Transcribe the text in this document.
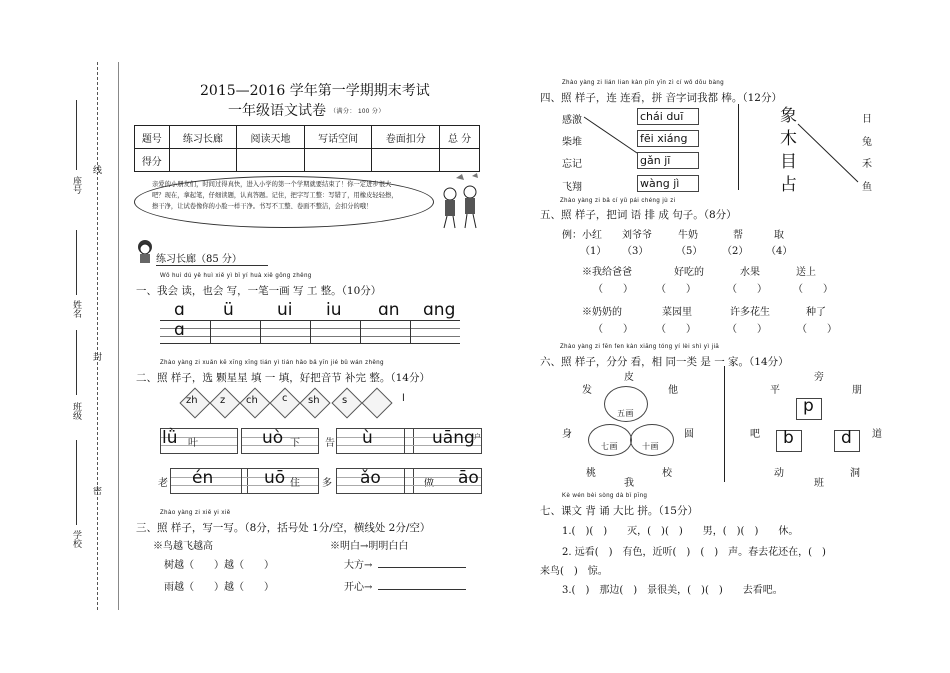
座号
线
姓名
封
班级
密
学校
2015—2016 学年第一学期期末考试
一年级语文试卷 （满分： 100 分）
题号	练习长廊	阅读天地	写话空间	卷面扣分	总 分
得分					
亲爱的小朋友们，时间过得真快，进入小学的第一个学期就要结束了！你一定进步很大吧？现在，拿起笔，仔细读题，认真答题。记住，把字写工整：写错了，用橡皮轻轻擦，擦干净，让试卷像你的小脸一样干净。书写不工整、卷面不整洁，会扣分的哦！
练习长廊（85 分）
Wǒ huì dú yě huì xiě yì bǐ yí huà xiě gōng zhěng
一、我会 读，也会 写，一笔一画 写 工 整。（10分）
ɑ ü	ui iu ɑn ɑng
ɑ
Zhào yàng zi xuǎn kē xīng xīng tián yì tián hǎo bǎ yīn jié bǔ wán zhěng
二、照 样子，选 颗星星 填 一 填，好把音节 补完 整。（14分）
zh z ch c sh s	l
lǜ 叶	uò 下	告 ù	uāng 户
老 én	uō 住 多 ǎo	做 āo
Zhào yàng zi xiě yi xiě
三、照 样子，写一写。（8分，括号处 1分/空，横线处 2分/空）
※鸟越飞越高	※明白→明明白白
树越（　　）越（　　）
雨越（　　）越（　　）
大方→
开心→
Zhào yàng zi lián lian kàn pīn yīn zì cí wǒ dōu bàng
四、照 样子，连 连看，拼 音字词我都 棒。（12分）
感激
柴堆
忘记
飞翔
chái duī
fēi xiáng
gǎn jī
wàng jì
象
木
目
占
日
兔
禾
鱼
Zhào yàng zi bǎ cí yǔ pái chéng jù zi
五、照 样子，把词 语 排 成 句子。（8分）
例：小红 刘爷爷	牛奶	帮	取
（1） （3）	（5） （2） （4）
※我给爸爸	好吃的	水果	送上
（　　） （　　）	（　　）	（　　）
※奶奶的	菜园里	许多花生	种了
（　　） （　　）	（　　）	（　　）
Zhào yàng zi fēn fen kàn xiāng tóng yí lèi shì yì jiā
六、照 样子，分分 看，相 同一类 是 一 家。（14分）
皮
发	他
身	圆
桃	校
我
五画
七画	十画
旁
平	朋
吧	道
动	洞
班
p
b	d
Kè wén bèi sòng dà bǐ pīng
七、课文 背 诵 大比 拼。（15分）
1.(　)(　)　　灭，(　)(　)　　男，(　)(　)　　休。
2. 远看(　)　有色，近听(　)　(　)　声。春去花还在，(　)
来鸟(　)　惊。
3.(　)　那边(　)　景很美，(　)(　)　　去看吧。
